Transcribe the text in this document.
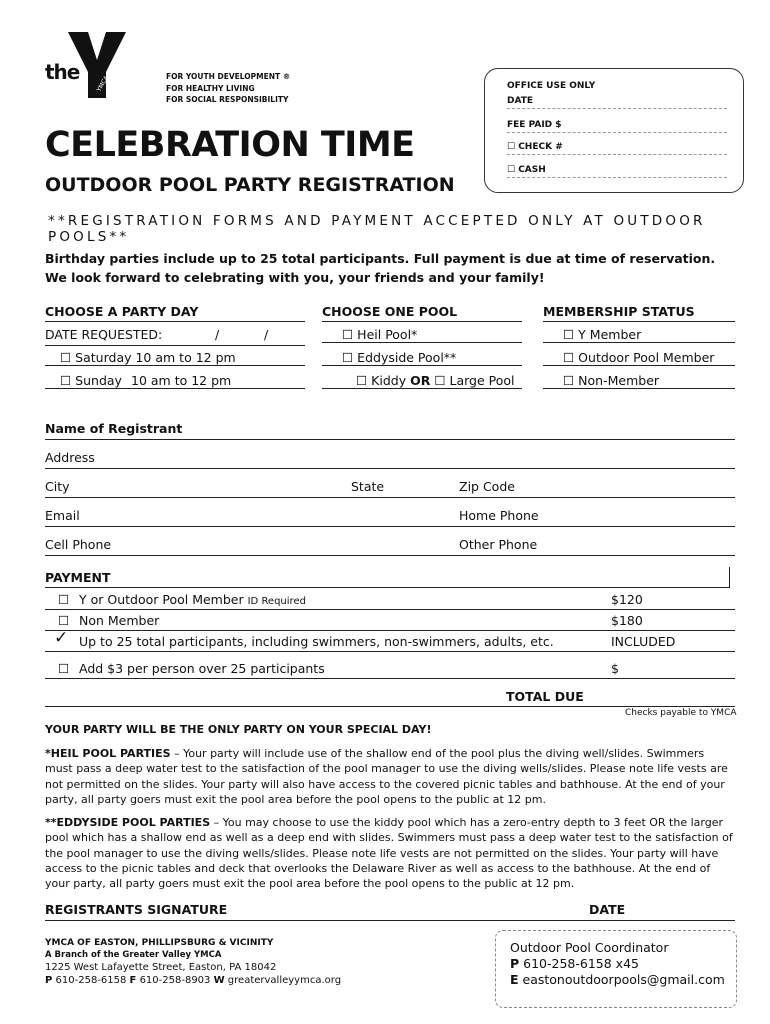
the	YMCA	FOR YOUTH DEVELOPMENT ®
FOR HEALTHY LIVING
FOR SOCIAL RESPONSIBILITY
OFFICE USE ONLY
DATE
FEE PAID $
☐ CHECK #
☐ CASH
CELEBRATION TIME
OUTDOOR POOL PARTY REGISTRATION
**REGISTRATION FORMS AND PAYMENT ACCEPTED ONLY AT OUTDOOR POOLS**
Birthday parties include up to 25 total participants. Full payment is due at time of reservation. We look forward to celebrating with you, your friends and your family!
CHOOSE A PARTY DAY
DATE REQUESTED:	/	/
☐ Saturday 10 am to 12 pm
☐ Sunday 10 am to 12 pm
CHOOSE ONE POOL
☐ Heil Pool*
☐ Eddyside Pool**
☐ Kiddy OR ☐ Large Pool
MEMBERSHIP STATUS
☐ Y Member
☐ Outdoor Pool Member
☐ Non-Member
Name of Registrant
Address
City	State	Zip Code
Email	Home Phone
Cell Phone	Other Phone
PAYMENT
☐ Y or Outdoor Pool Member ID Required	$120
☐ Non Member	$180
✓ Up to 25 total participants, including swimmers, non-swimmers, adults, etc.	INCLUDED
☐ Add $3 per person over 25 participants	$
TOTAL DUE
Checks payable to YMCA
YOUR PARTY WILL BE THE ONLY PARTY ON YOUR SPECIAL DAY!
*HEIL POOL PARTIES – Your party will include use of the shallow end of the pool plus the diving well/slides. Swimmers must pass a deep water test to the satisfaction of the pool manager to use the diving wells/slides. Please note life vests are not permitted on the slides. Your party will also have access to the covered picnic tables and bathhouse. At the end of your party, all party goers must exit the pool area before the pool opens to the public at 12 pm.
**EDDYSIDE POOL PARTIES – You may choose to use the kiddy pool which has a zero-entry depth to 3 feet OR the larger pool which has a shallow end as well as a deep end with slides. Swimmers must pass a deep water test to the satisfaction of the pool manager to use the diving wells/slides. Please note life vests are not permitted on the slides. Your party will have access to the picnic tables and deck that overlooks the Delaware River as well as access to the bathhouse. At the end of your party, all party goers must exit the pool area before the pool opens to the public at 12 pm.
REGISTRANTS SIGNATURE	DATE
YMCA OF EASTON, PHILLIPSBURG & VICINITY
A Branch of the Greater Valley YMCA
1225 West Lafayette Street, Easton, PA 18042
P 610-258-6158 F 610-258-8903 W greatervalleyymca.org
Outdoor Pool Coordinator
P 610-258-6158 x45
E eastonoutdoorpools@gmail.com
